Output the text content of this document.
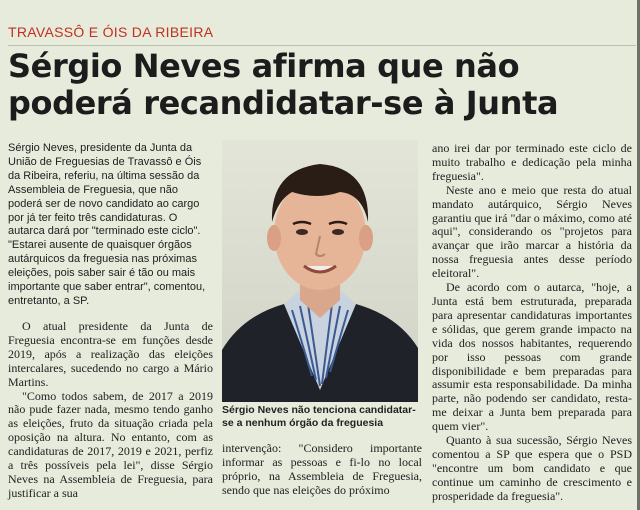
TRAVASSÔ E ÓIS DA RIBEIRA
Sérgio Neves afirma que não poderá recandidatar-se à Junta

Sérgio Neves, presidente da Junta da União de Freguesias de Travassô e Óis da Ribeira, referiu, na última sessão da Assembleia de Freguesia, que não poderá ser de novo candidato ao cargo por já ter feito três candidaturas. O autarca dará por "terminado este ciclo". "Estarei ausente de quaisquer órgãos autárquicos da freguesia nas próximas eleições, pois saber sair é tão ou mais importante que saber entrar", comentou, entretanto, a SP.

O atual presidente da Junta de Freguesia encontra-se em funções desde 2019, após a realização das eleições intercalares, sucedendo no cargo a Mário Martins.

"Como todos sabem, de 2017 a 2019 não pude fazer nada, mesmo tendo ganho as eleições, fruto da situação criada pela oposição na altura. No entanto, com as candidaturas de 2017, 2019 e 2021, perfiz a três possíveis pela lei", disse Sérgio Neves na Assembleia de Freguesia, para justificar a sua

Sérgio Neves não tenciona candidatar-se a nenhum órgão da freguesia

intervenção: "Considero importante informar as pessoas e fi-lo no local próprio, na Assembleia de Freguesia, sendo que nas eleições do próximo

ano irei dar por terminado este ciclo de muito trabalho e dedicação pela minha freguesia".

Neste ano e meio que resta do atual mandato autárquico, Sérgio Neves garantiu que irá "dar o máximo, como até aqui", considerando os "projetos para avançar que irão marcar a história da nossa freguesia antes desse período eleitoral".

De acordo com o autarca, "hoje, a Junta está bem estruturada, preparada para apresentar candidaturas importantes e sólidas, que gerem grande impacto na vida dos nossos habitantes, requerendo por isso pessoas com grande disponibilidade e bem preparadas para assumir esta responsabilidade. Da minha parte, não podendo ser candidato, resta-me deixar a Junta bem preparada para quem vier".

Quanto à sua sucessão, Sérgio Neves comentou a SP que espera que o PSD "encontre um bom candidato e que continue um caminho de crescimento e prosperidade da freguesia".
